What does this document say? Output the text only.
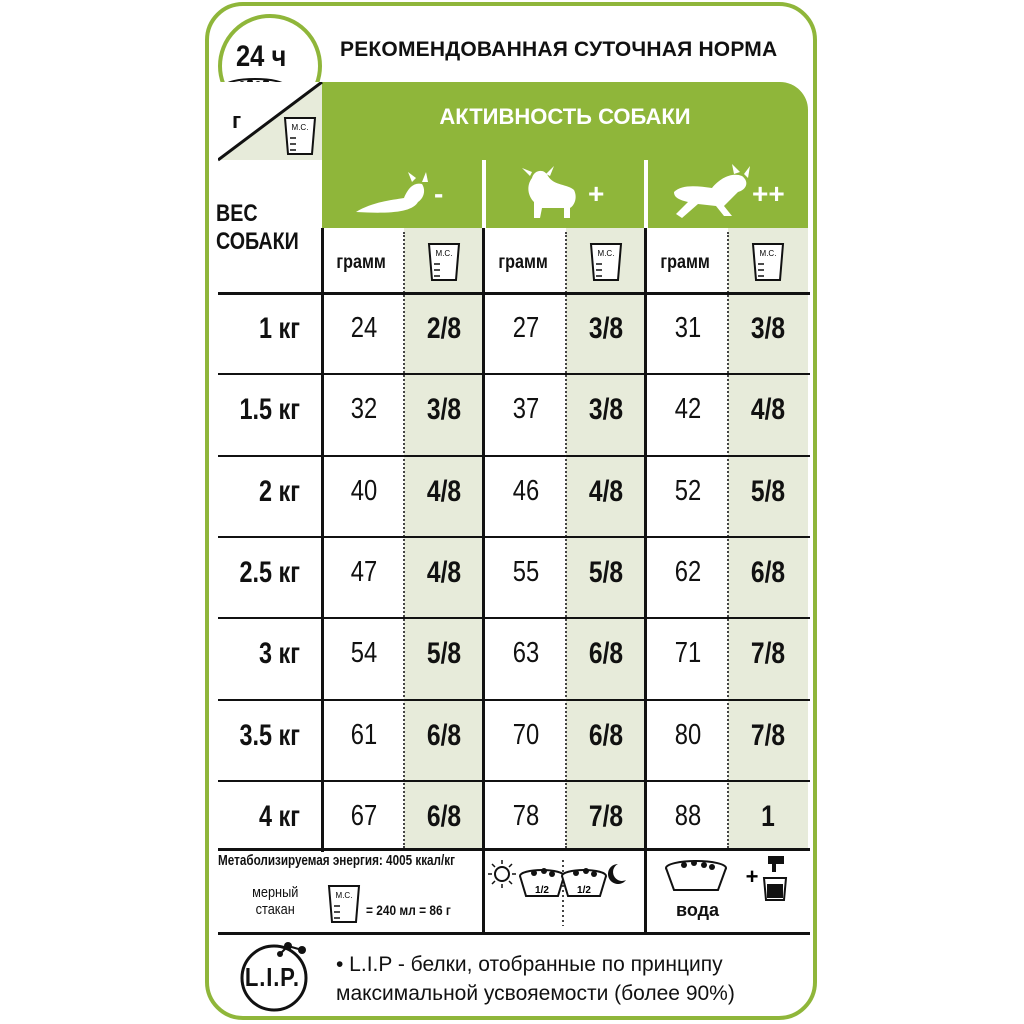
24 ч	РЕКОМЕНДОВАННАЯ СУТОЧНАЯ НОРМА
АКТИВНОСТЬ СОБАКИ
-	+	++
г	М.С.
ВЕС
СОБАКИ
грамм	грамм	грамм
М.С.	М.С.	М.С.
1 кг	24	2/8	27	3/8	31	3/8
1.5 кг	32	3/8	37	3/8	42	4/8
2 кг	40	4/8	46	4/8	52	5/8
2.5 кг	47	4/8	55	5/8	62	6/8
3 кг	54	5/8	63	6/8	71	7/8
3.5 кг	61	6/8	70	6/8	80	7/8
4 кг	67	6/8	78	7/8	88	1
Метаболизируемая энергия: 4005 ккал/кг
мерный
стакан
М.С.
= 240 мл = 86 г
1/2	1/2
+
вода
L.I.P. • L.I.P - белки, отобранные по принципу
максимальной усвояемости (более 90%)
